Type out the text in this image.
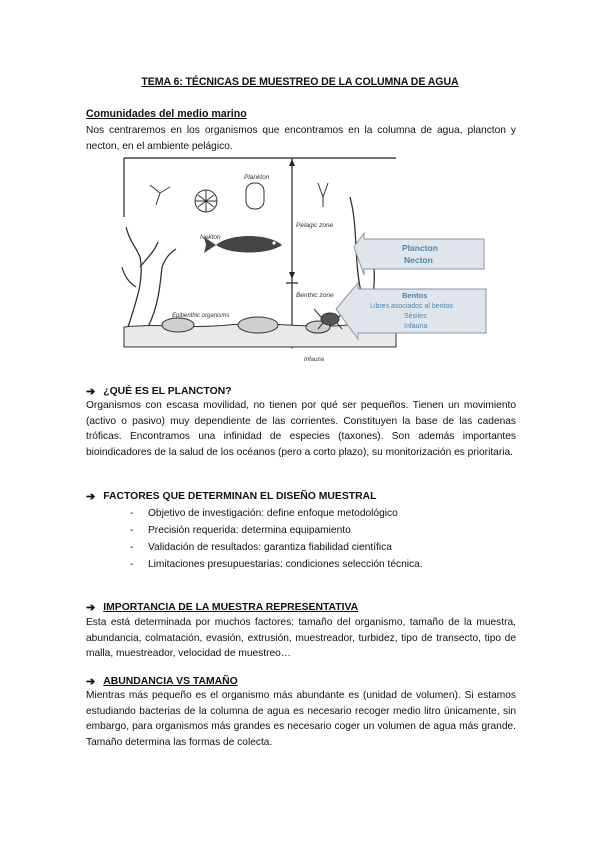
TEMA 6: TÉCNICAS DE MUESTREO DE LA COLUMNA DE AGUA
Comunidades del medio marino

Nos centraremos en los organismos que encontramos en la columna de agua, plancton y necton, en el ambiente pelágico.

Plankton
Nekton
Pelagic zone
Benthic zone
Epibenthic organisms
Infauna
Plancton
Necton
Bentos
Libres asociados al bentos
Sésiles
Infauna
➔ ¿QUÉ ES EL PLANCTON?

Organismos con escasa movilidad, no tienen por qué ser pequeños. Tienen un movimiento (activo o pasivo) muy dependiente de las corrientes. Constituyen la base de las cadenas tróficas. Encontramos una infinidad de especies (taxones). Son además importantes bioindicadores de la salud de los océanos (pero a corto plazo), su monitorización es prioritaria.

➔ FACTORES QUE DETERMINAN EL DISEÑO MUESTRAL
-	Objetivo de investigación: define enfoque metodológico
-	Precisión requerida: determina equipamiento
-	Validación de resultados: garantiza fiabilidad científica
-	Limitaciones presupuestarias: condiciones selección técnica.
➔ IMPORTANCIA DE LA MUESTRA REPRESENTATIVA

Esta está determinada por muchos factores: tamaño del organismo, tamaño de la muestra, abundancia, colmatación, evasión, extrusión, muestreador, turbidez, tipo de transecto, tipo de malla, muestreador, velocidad de muestreo…

➔ ABUNDANCIA VS TAMAÑO

Mientras más pequeño es el organismo más abundante es (unidad de volumen). Si estamos estudiando bacterias de la columna de agua es necesario recoger medio litro únicamente, sin embargo, para organismos más grandes es necesario coger un volumen de agua más grande. Tamaño determina las formas de colecta.
